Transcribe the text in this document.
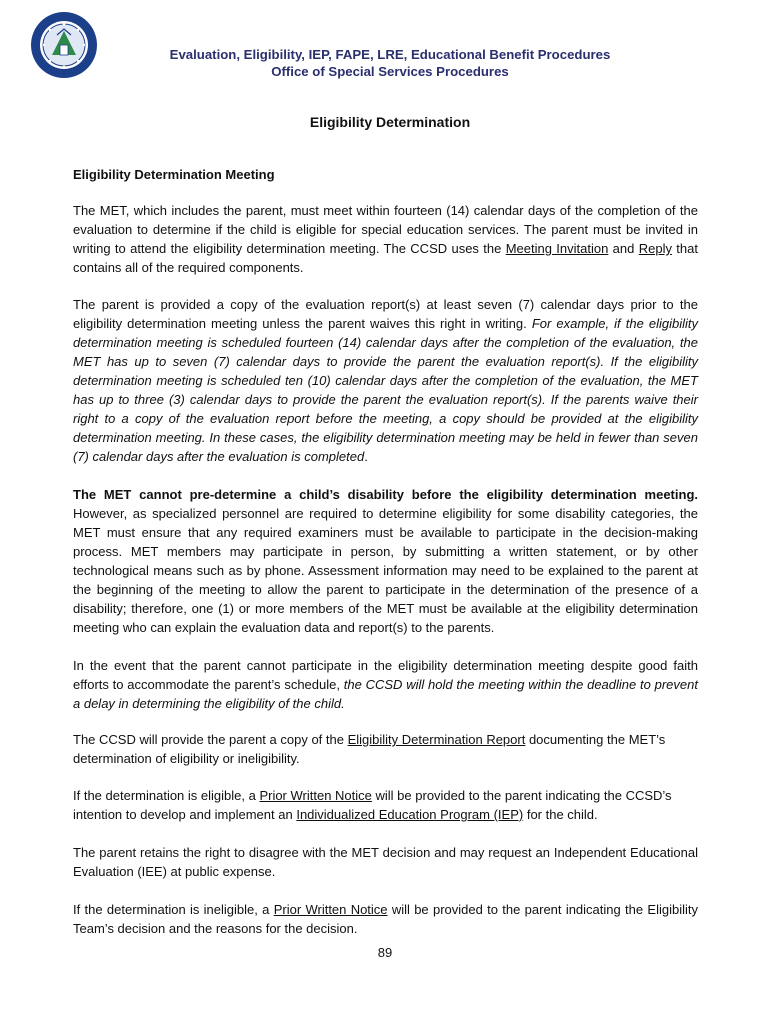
Evaluation, Eligibility, IEP, FAPE, LRE, Educational Benefit Procedures
Office of Special Services Procedures
Eligibility Determination
Eligibility Determination Meeting

The MET, which includes the parent, must meet within fourteen (14) calendar days of the completion of the evaluation to determine if the child is eligible for special education services. The parent must be invited in writing to attend the eligibility determination meeting. The CCSD uses the Meeting Invitation and Reply that contains all of the required components.

The parent is provided a copy of the evaluation report(s) at least seven (7) calendar days prior to the eligibility determination meeting unless the parent waives this right in writing. For example, if the eligibility determination meeting is scheduled fourteen (14) calendar days after the completion of the evaluation, the MET has up to seven (7) calendar days to provide the parent the evaluation report(s). If the eligibility determination meeting is scheduled ten (10) calendar days after the completion of the evaluation, the MET has up to three (3) calendar days to provide the parent the evaluation report(s). If the parents waive their right to a copy of the evaluation report before the meeting, a copy should be provided at the eligibility determination meeting. In these cases, the eligibility determination meeting may be held in fewer than seven (7) calendar days after the evaluation is completed.

The MET cannot pre-determine a child’s disability before the eligibility determination meeting. However, as specialized personnel are required to determine eligibility for some disability categories, the MET must ensure that any required examiners must be available to participate in the decision-making process. MET members may participate in person, by submitting a written statement, or by other technological means such as by phone. Assessment information may need to be explained to the parent at the beginning of the meeting to allow the parent to participate in the determination of the presence of a disability; therefore, one (1) or more members of the MET must be available at the eligibility determination meeting who can explain the evaluation data and report(s) to the parents.

In the event that the parent cannot participate in the eligibility determination meeting despite good faith efforts to accommodate the parent’s schedule, the CCSD will hold the meeting within the deadline to prevent a delay in determining the eligibility of the child.

The CCSD will provide the parent a copy of the Eligibility Determination Report documenting the MET’s determination of eligibility or ineligibility.

If the determination is eligible, a Prior Written Notice will be provided to the parent indicating the CCSD’s intention to develop and implement an Individualized Education Program (IEP) for the child.

The parent retains the right to disagree with the MET decision and may request an Independent Educational Evaluation (IEE) at public expense.

If the determination is ineligible, a Prior Written Notice will be provided to the parent indicating the Eligibility Team’s decision and the reasons for the decision.

89
